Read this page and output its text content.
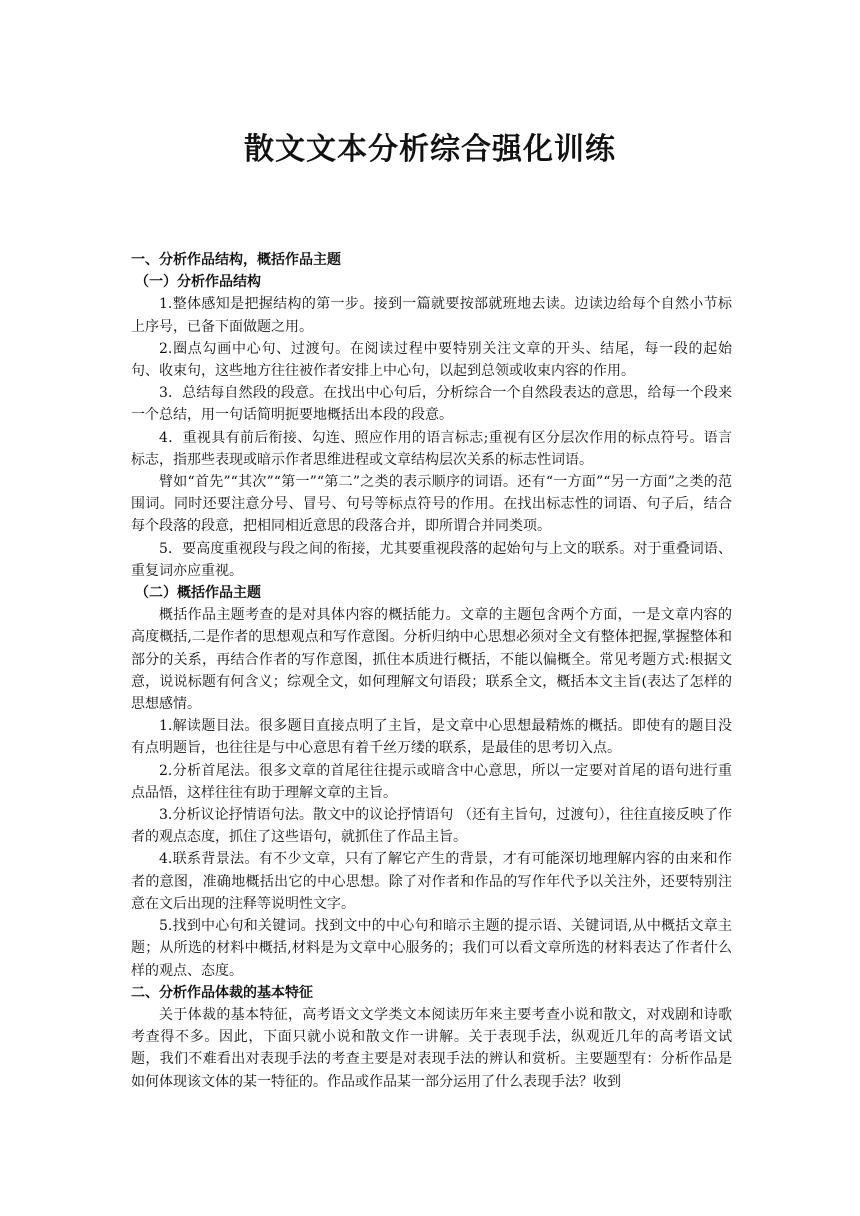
散文文本分析综合强化训练
一、分析作品结构，概括作品主题
（一）分析作品结构

1.整体感知是把握结构的第一步。接到一篇就要按部就班地去读。边读边给每个自然小节标上序号，已备下面做题之用。

2.圈点勾画中心句、过渡句。在阅读过程中要特别关注文章的开头、结尾，每一段的起始句、收束句，这些地方往往被作者安排上中心句，以起到总领或收束内容的作用。

3．总结每自然段的段意。在找出中心句后，分析综合一个自然段表达的意思，给每一个段来一个总结，用一句话简明扼要地概括出本段的段意。

4．重视具有前后衔接、勾连、照应作用的语言标志;重视有区分层次作用的标点符号。语言标志，指那些表现或暗示作者思维进程或文章结构层次关系的标志性词语。

臂如“首先”“其次”“第一”“第二”之类的表示顺序的词语。还有“一方面”“另一方面”之类的范围词。同时还要注意分号、冒号、句号等标点符号的作用。在找出标志性的词语、句子后，结合每个段落的段意，把相同相近意思的段落合并，即所谓合并同类项。

5．要高度重视段与段之间的衔接，尤其要重视段落的起始句与上文的联系。对于重叠词语、重复词亦应重视。

（二）概括作品主题

概括作品主题考查的是对具体内容的概括能力。文章的主题包含两个方面，一是文章内容的高度概括,二是作者的思想观点和写作意图。分析归纳中心思想必须对全文有整体把握,掌握整体和部分的关系，再结合作者的写作意图，抓住本质进行概括，不能以偏概全。常见考题方式:根据文意，说说标题有何含义；综观全文，如何理解文句语段；联系全文，概括本文主旨(表达了怎样的思想感情。

1.解读题目法。很多题目直接点明了主旨，是文章中心思想最精炼的概括。即使有的题目没有点明题旨，也往往是与中心意思有着千丝万缕的联系，是最佳的思考切入点。

2.分析首尾法。很多文章的首尾往往提示或暗含中心意思，所以一定要对首尾的语句进行重点品悟，这样往往有助于理解文章的主旨。

3.分析议论抒情语句法。散文中的议论抒情语句 （还有主旨句，过渡句），往往直接反映了作者的观点态度，抓住了这些语句，就抓住了作品主旨。

4.联系背景法。有不少文章，只有了解它产生的背景，才有可能深切地理解内容的由来和作者的意图，准确地概括出它的中心思想。除了对作者和作品的写作年代予以关注外，还要特别注意在文后出现的注释等说明性文字。

5.找到中心句和关键词。找到文中的中心句和暗示主题的提示语、关键词语,从中概括文章主题；从所选的材料中概括,材料是为文章中心服务的；我们可以看文章所选的材料表达了作者什么样的观点、态度。

二、分析作品体裁的基本特征

关于体裁的基本特征，高考语文文学类文本阅读历年来主要考查小说和散文，对戏剧和诗歌考查得不多。因此，下面只就小说和散文作一讲解。关于表现手法，纵观近几年的高考语文试题，我们不难看出对表现手法的考查主要是对表现手法的辨认和赏析。主要题型有：分析作品是如何体现该文体的某一特征的。作品或作品某一部分运用了什么表现手法？收到
